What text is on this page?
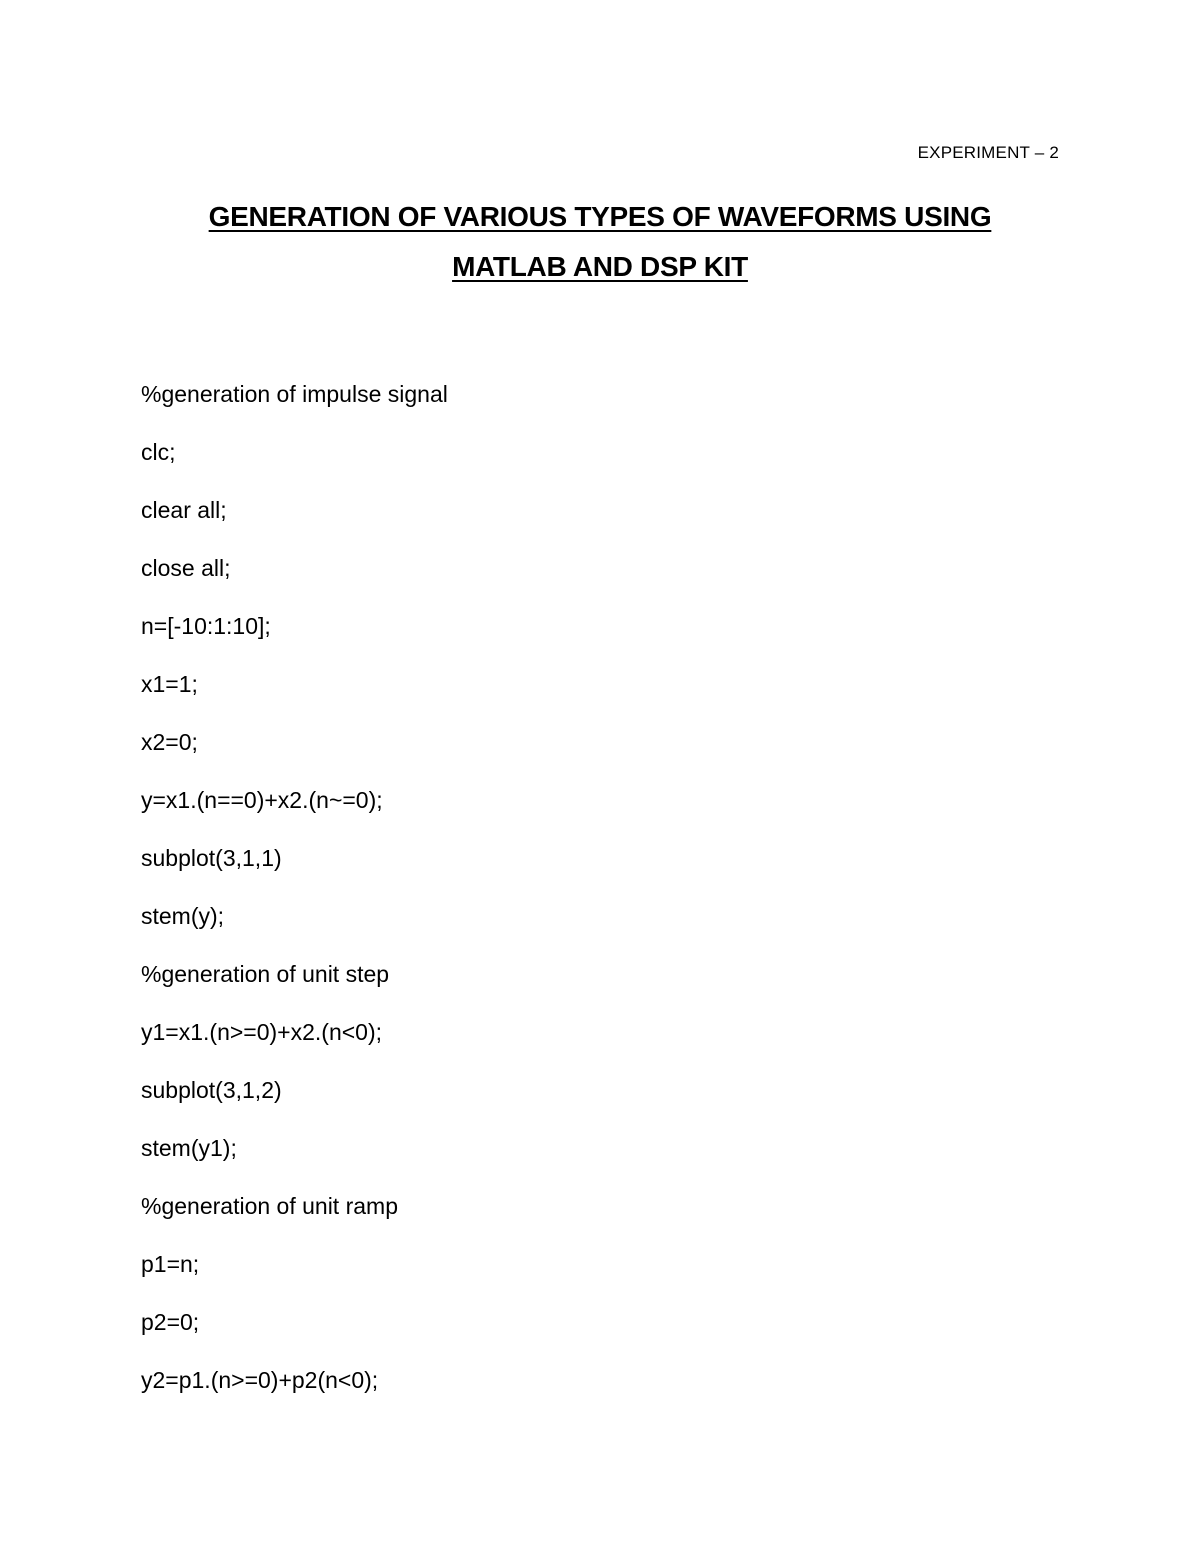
EXPERIMENT – 2
GENERATION OF VARIOUS TYPES OF WAVEFORMS USING
MATLAB AND DSP KIT
%generation of impulse signal
clc;
clear all;
close all;
n=[-10:1:10];
x1=1;
x2=0;
y=x1.(n==0)+x2.(n~=0);
subplot(3,1,1)
stem(y);
%generation of unit step
y1=x1.(n>=0)+x2.(n<0);
subplot(3,1,2)
stem(y1);
%generation of unit ramp
p1=n;
p2=0;
y2=p1.(n>=0)+p2(n<0);
